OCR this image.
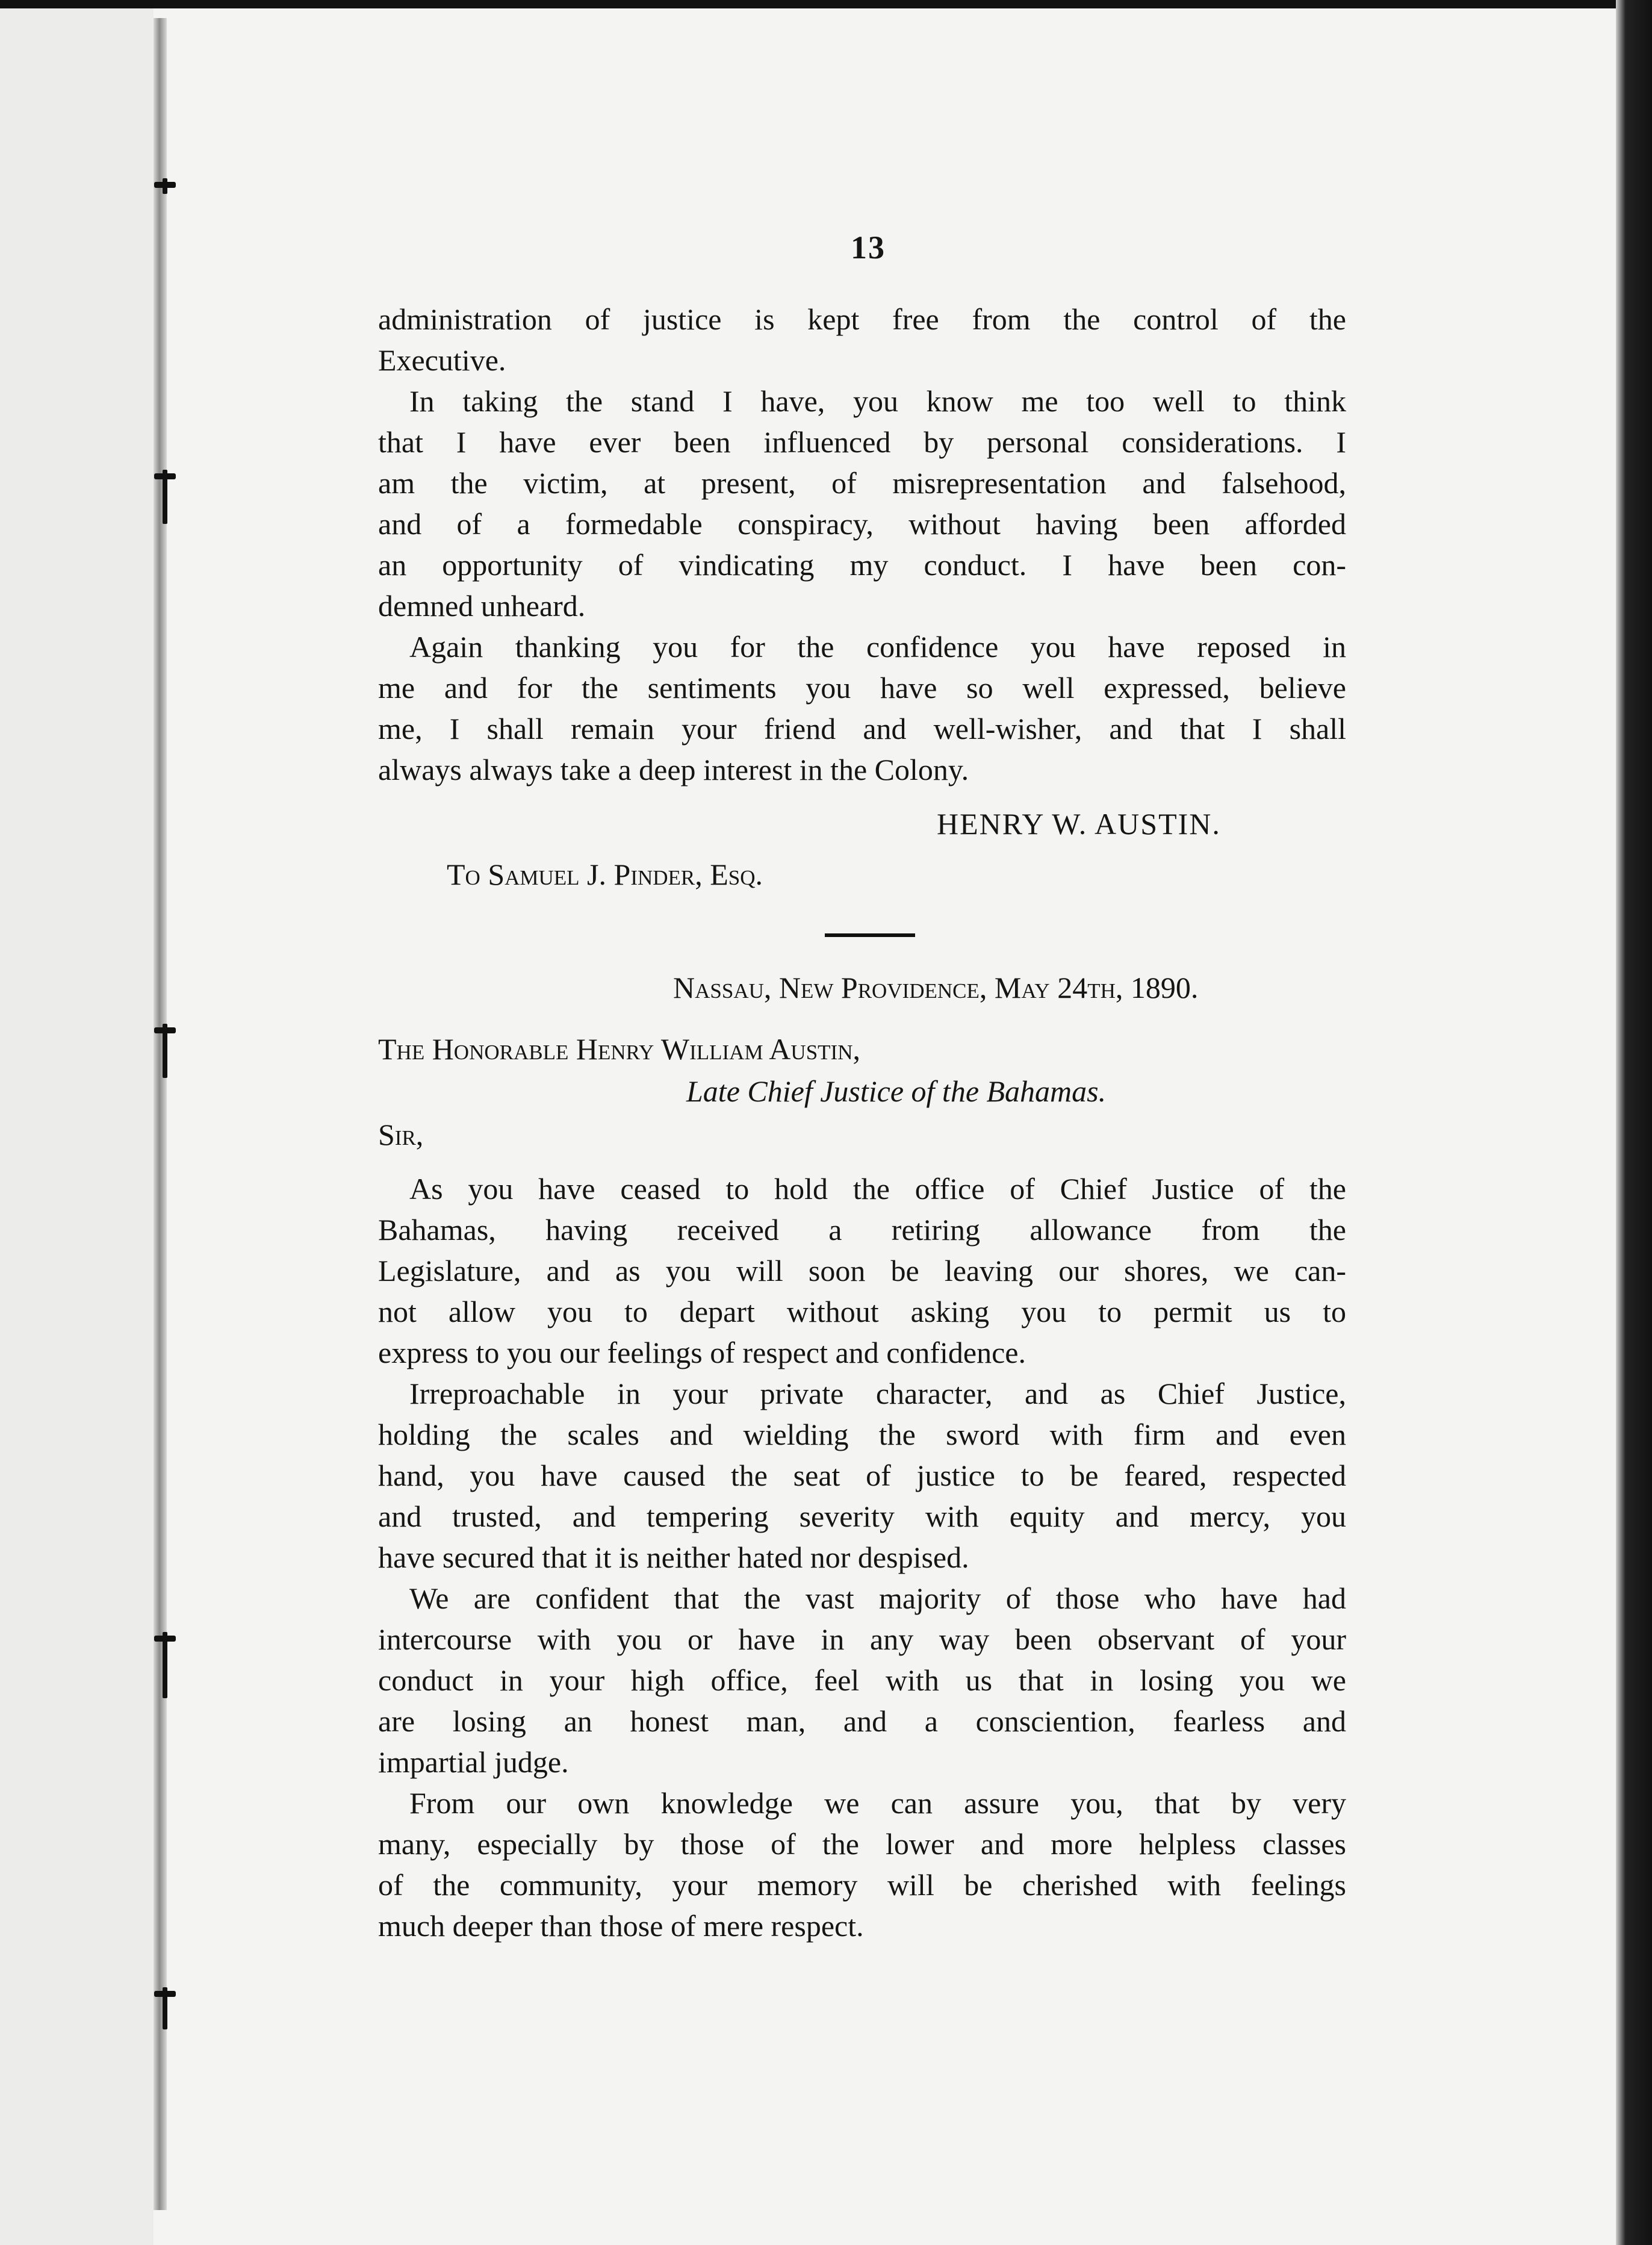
13
administration of justice is kept free from the control of the
Executive.
In taking the stand I have, you know me too well to think
that I have ever been influenced by personal considerations. I
am the victim, at present, of misrepresentation and falsehood,
and of a formedable conspiracy, without having been afforded
an opportunity of vindicating my conduct. I have been con-
demned unheard.
Again thanking you for the confidence you have reposed in
me and for the sentiments you have so well expressed, believe
me, I shall remain your friend and well-wisher, and that I shall
always always take a deep interest in the Colony.
HENRY W. AUSTIN.
To Samuel J. Pinder, Esq.
Nassau, New Providence, May 24th, 1890.
The Honorable Henry William Austin,
Late Chief Justice of the Bahamas.
Sir,
As you have ceased to hold the office of Chief Justice of the
Bahamas, having received a retiring allowance from the
Legislature, and as you will soon be leaving our shores, we can-
not allow you to depart without asking you to permit us to
express to you our feelings of respect and confidence.
Irreproachable in your private character, and as Chief Justice,
holding the scales and wielding the sword with firm and even
hand, you have caused the seat of justice to be feared, respected
and trusted, and tempering severity with equity and mercy, you
have secured that it is neither hated nor despised.
We are confident that the vast majority of those who have had
intercourse with you or have in any way been observant of your
conduct in your high office, feel with us that in losing you we
are losing an honest man, and a consciention, fearless and
impartial judge.
From our own knowledge we can assure you, that by very
many, especially by those of the lower and more helpless classes
of the community, your memory will be cherished with feelings
much deeper than those of mere respect.
